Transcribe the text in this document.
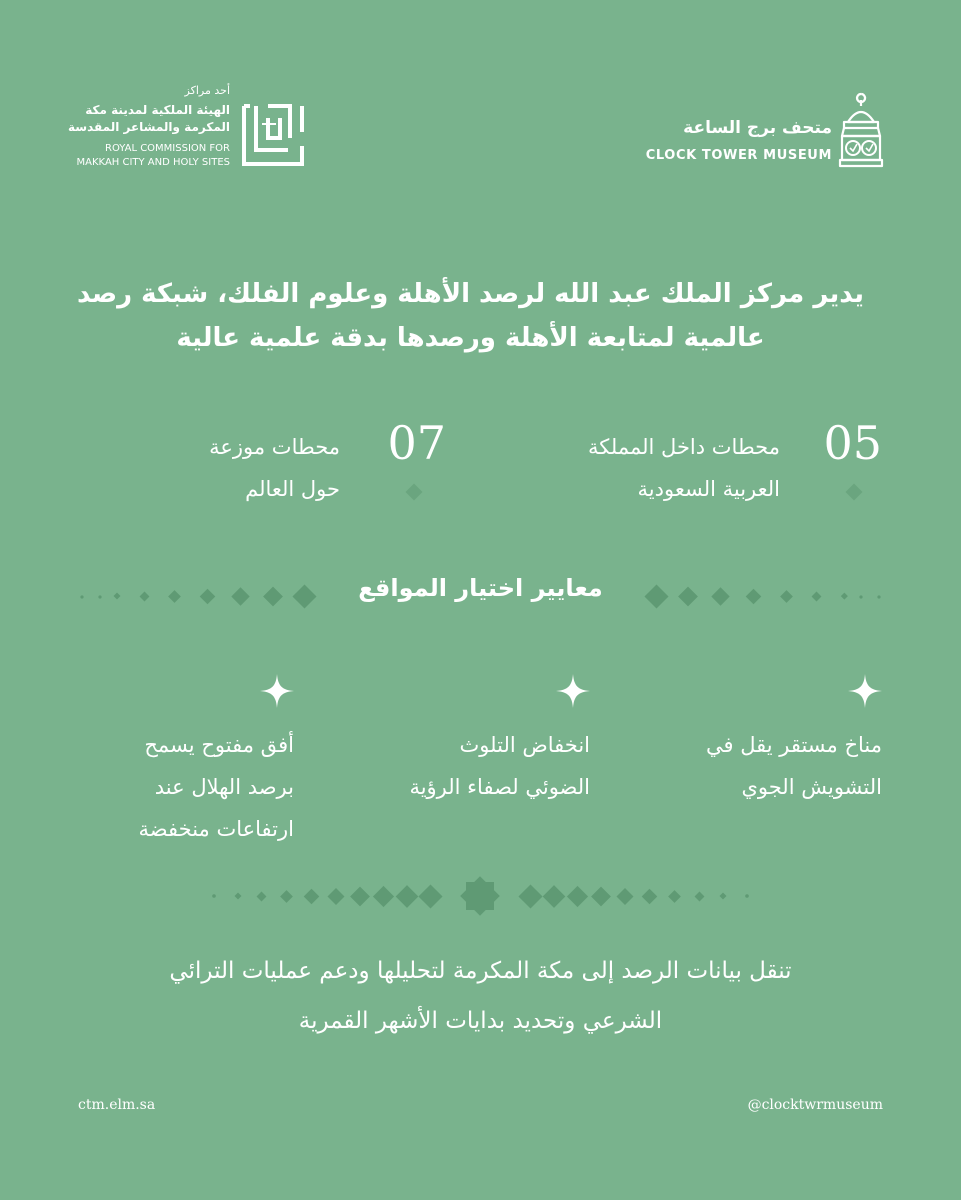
متحف برج الساعة
CLOCK TOWER MUSEUM
أحد مراكز
الهيئة الملكية لمدينة مكة
المكرمة والمشاعر المقدسة
ROYAL COMMISSION FOR
MAKKAH CITY AND HOLY SITES

يدير مركز الملك عبد الله لرصد الأهلة وعلوم الفلك، شبكة رصد

عالمية لمتابعة الأهلة ورصدها بدقة علمية عالية

05
محطات داخل المملكة
العربية السعودية
07
محطات موزعة
حول العالم
معايير اختيار المواقع
مناخ مستقر يقل في
التشويش الجوي
انخفاض التلوث
الضوئي لصفاء الرؤية
أفق مفتوح يسمح
برصد الهلال عند
ارتفاعات منخفضة

تنقل بيانات الرصد إلى مكة المكرمة لتحليلها ودعم عمليات الترائي

الشرعي وتحديد بدايات الأشهر القمرية

ctm.elm.sa	@clocktwrmuseum
